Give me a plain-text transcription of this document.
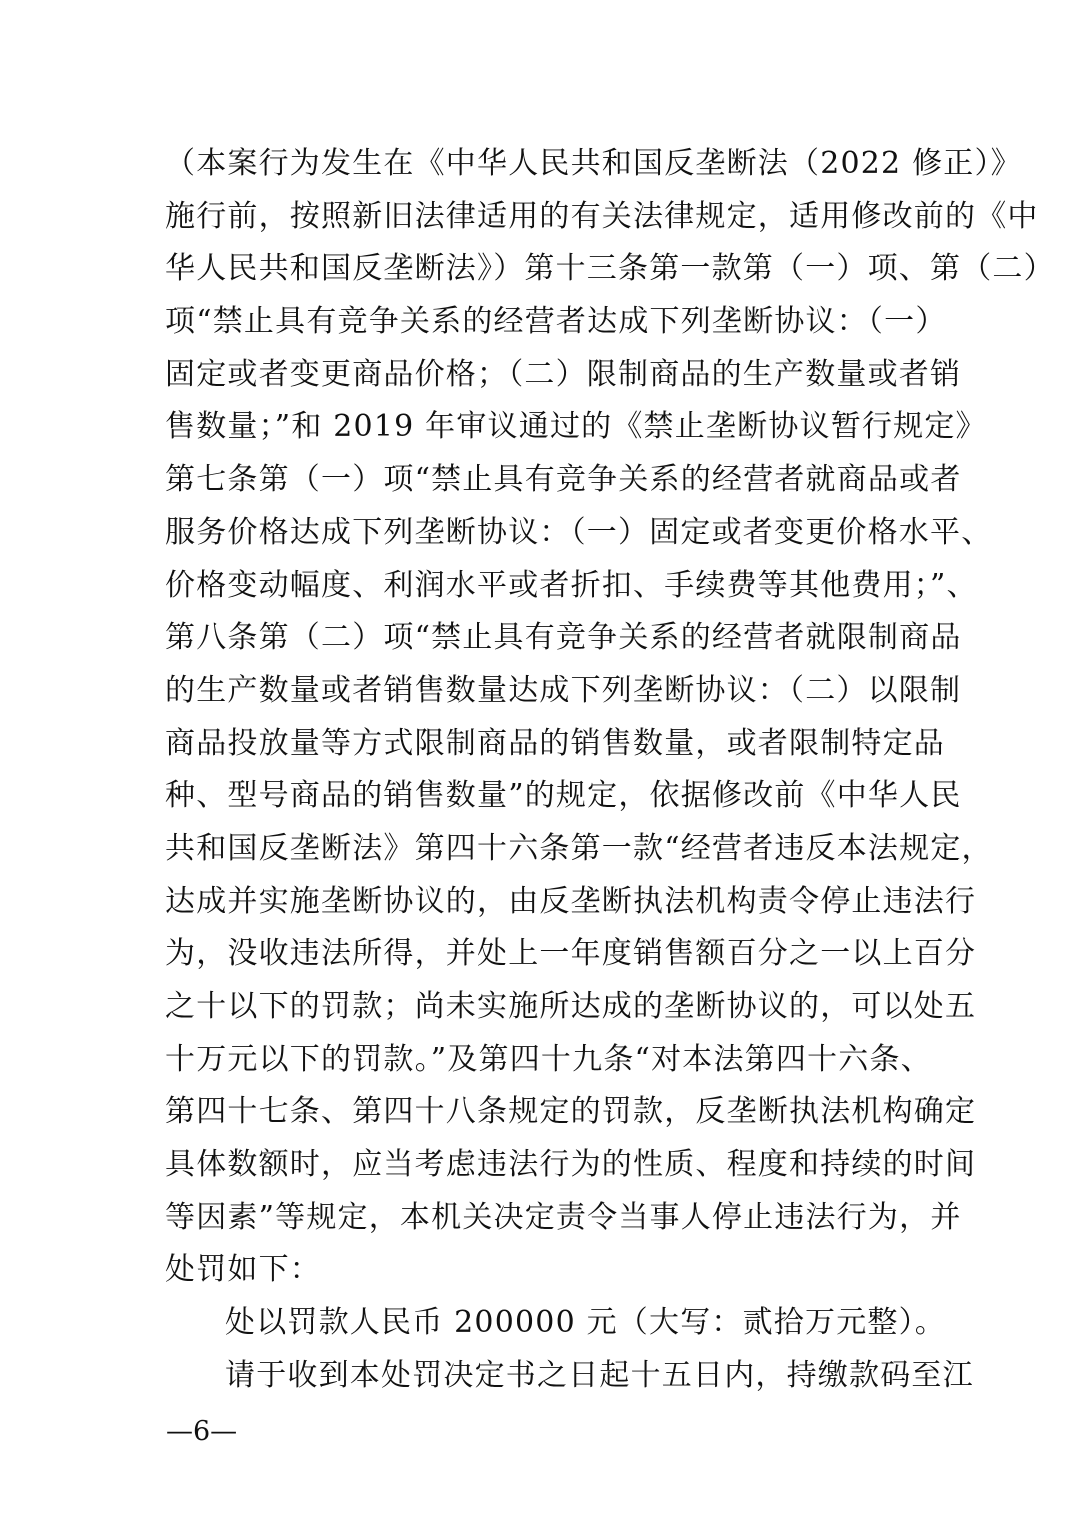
（本案行为发生在《中华人民共和国反垄断法（2022 修正）》
施行前，按照新旧法律适用的有关法律规定，适用修改前的《中
华人民共和国反垄断法》）第十三条第一款第（一）项、第（二）
项“禁止具有竞争关系的经营者达成下列垄断协议：（一）
固定或者变更商品价格；（二）限制商品的生产数量或者销
售数量；”和 2019 年审议通过的《禁止垄断协议暂行规定》
第七条第（一）项“禁止具有竞争关系的经营者就商品或者
服务价格达成下列垄断协议：（一）固定或者变更价格水平、
价格变动幅度、利润水平或者折扣、手续费等其他费用；”、
第八条第（二）项“禁止具有竞争关系的经营者就限制商品
的生产数量或者销售数量达成下列垄断协议：（二）以限制
商品投放量等方式限制商品的销售数量，或者限制特定品
种、型号商品的销售数量”的规定，依据修改前《中华人民
共和国反垄断法》第四十六条第一款“经营者违反本法规定，
达成并实施垄断协议的，由反垄断执法机构责令停止违法行
为，没收违法所得，并处上一年度销售额百分之一以上百分
之十以下的罚款；尚未实施所达成的垄断协议的，可以处五
十万元以下的罚款。”及第四十九条“对本法第四十六条、
第四十七条、第四十八条规定的罚款，反垄断执法机构确定
具体数额时，应当考虑违法行为的性质、程度和持续的时间
等因素”等规定，本机关决定责令当事人停止违法行为，并
处罚如下：
处以罚款人民币 200000 元（大写：贰拾万元整）。
请于收到本处罚决定书之日起十五日内，持缴款码至江
—6—
